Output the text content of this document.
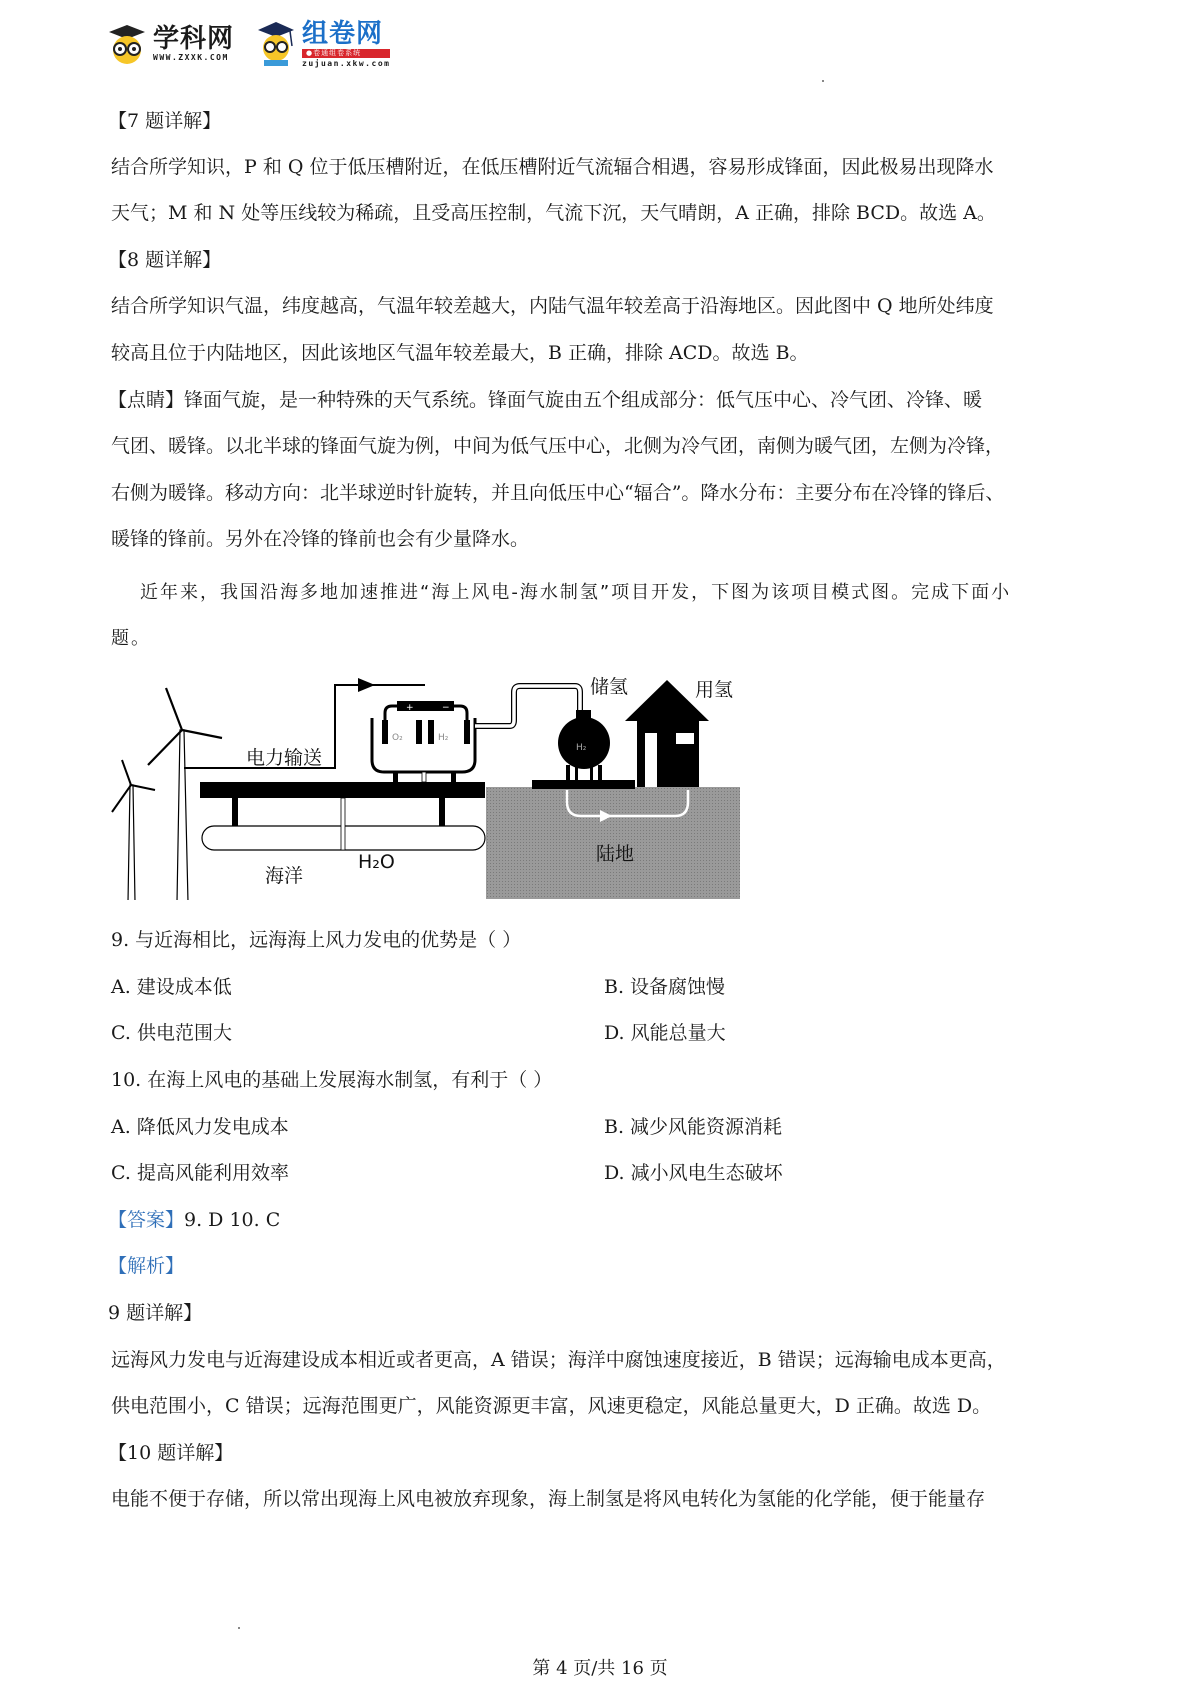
学科网
WWW.ZXXK.COM
组卷网
●卷通组卷系统
zujuan.xkw.com
【7 题详解】
结合所学知识，P 和 Q 位于低压槽附近，在低压槽附近气流辐合相遇，容易形成锋面，因此极易出现降水
天气；M 和 N 处等压线较为稀疏，且受高压控制，气流下沉，天气晴朗，A 正确，排除 BCD。故选 A。
【8 题详解】
结合所学知识气温，纬度越高，气温年较差越大，内陆气温年较差高于沿海地区。因此图中 Q 地所处纬度
较高且位于内陆地区，因此该地区气温年较差最大，B 正确，排除 ACD。故选 B。
【点睛】锋面气旋，是一种特殊的天气系统。锋面气旋由五个组成部分：低气压中心、冷气团、冷锋、暖
气团、暖锋。以北半球的锋面气旋为例，中间为低气压中心，北侧为冷气团，南侧为暖气团，左侧为冷锋，
右侧为暖锋。移动方向：北半球逆时针旋转，并且向低压中心“辐合”。降水分布：主要分布在冷锋的锋后、
暖锋的锋前。另外在冷锋的锋前也会有少量降水。
近年来，我国沿海多地加速推进“海上风电-海水制氢”项目开发，下图为该项目模式图。完成下面小
题。
+	−
O₂	H₂
电力输送
海洋
H₂O	陆地
H₂
储氢	用氢
9. 与近海相比，远海海上风力发电的优势是（ ）
A. 建设成本低	B. 设备腐蚀慢
C. 供电范围大	D. 风能总量大
10. 在海上风电的基础上发展海水制氢，有利于（ ）
A. 降低风力发电成本	B. 减少风能资源消耗
C. 提高风能利用效率	D. 减小风电生态破坏
【答案】9. D 10. C
【解析】
9 题详解】
远海风力发电与近海建设成本相近或者更高，A 错误；海洋中腐蚀速度接近，B 错误；远海输电成本更高，
供电范围小，C 错误；远海范围更广，风能资源更丰富，风速更稳定，风能总量更大，D 正确。故选 D。
【10 题详解】
电能不便于存储，所以常出现海上风电被放弃现象，海上制氢是将风电转化为氢能的化学能，便于能量存
第 4 页/共 16 页
